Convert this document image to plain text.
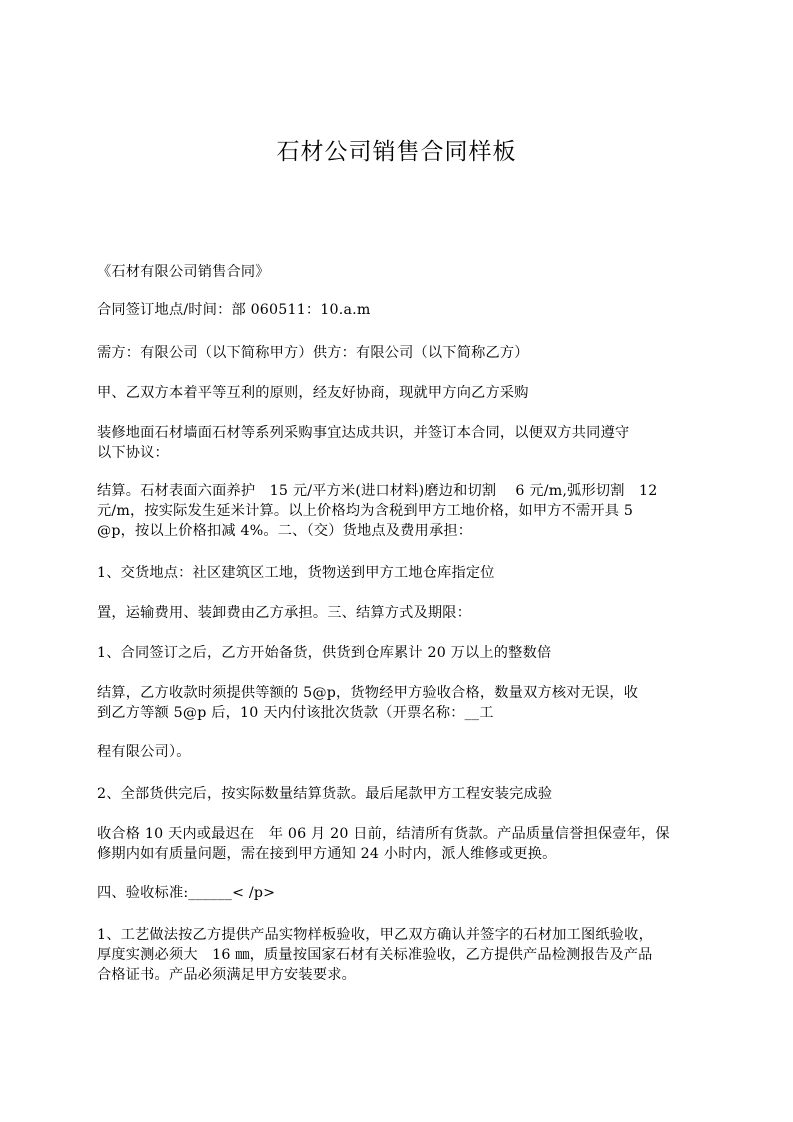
石材公司销售合同样板

《石材有限公司销售合同》

合同签订地点/时间：部 060511：10.a.m

需方：有限公司（以下简称甲方）供方：有限公司（以下简称乙方）

甲、乙双方本着平等互利的原则，经友好协商，现就甲方向乙方采购

装修地面石材墙面石材等系列采购事宜达成共识，并签订本合同，以便双方共同遵守
以下协议：

结算。石材表面六面养护　15 元/平方米(进口材料)磨边和切割　 6 元/m,弧形切割　12
元/m，按实际发生延米计算。以上价格均为含税到甲方工地价格，如甲方不需开具 5
@p，按以上价格扣减 4%。二、（交）货地点及费用承担：

1、交货地点：社区建筑区工地，货物送到甲方工地仓库指定位

置，运输费用、装卸费由乙方承担。三、结算方式及期限：

1、合同签订之后，乙方开始备货，供货到仓库累计 20 万以上的整数倍

结算，乙方收款时须提供等额的 5@p，货物经甲方验收合格，数量双方核对无误，收
到乙方等额 5@p 后，10 天内付该批次货款（开票名称：__工

程有限公司）。

2、全部货供完后，按实际数量结算货款。最后尾款甲方工程安装完成验

收合格 10 天内或最迟在　年 06 月 20 日前，结清所有货款。产品质量信誉担保壹年，保
修期内如有质量问题，需在接到甲方通知 24 小时内，派人维修或更换。

四、验收标准:______< /p>

1、工艺做法按乙方提供产品实物样板验收，甲乙双方确认并签字的石材加工图纸验收，
厚度实测必须大　16 ㎜，质量按国家石材有关标准验收，乙方提供产品检测报告及产品
合格证书。产品必须满足甲方安装要求。
